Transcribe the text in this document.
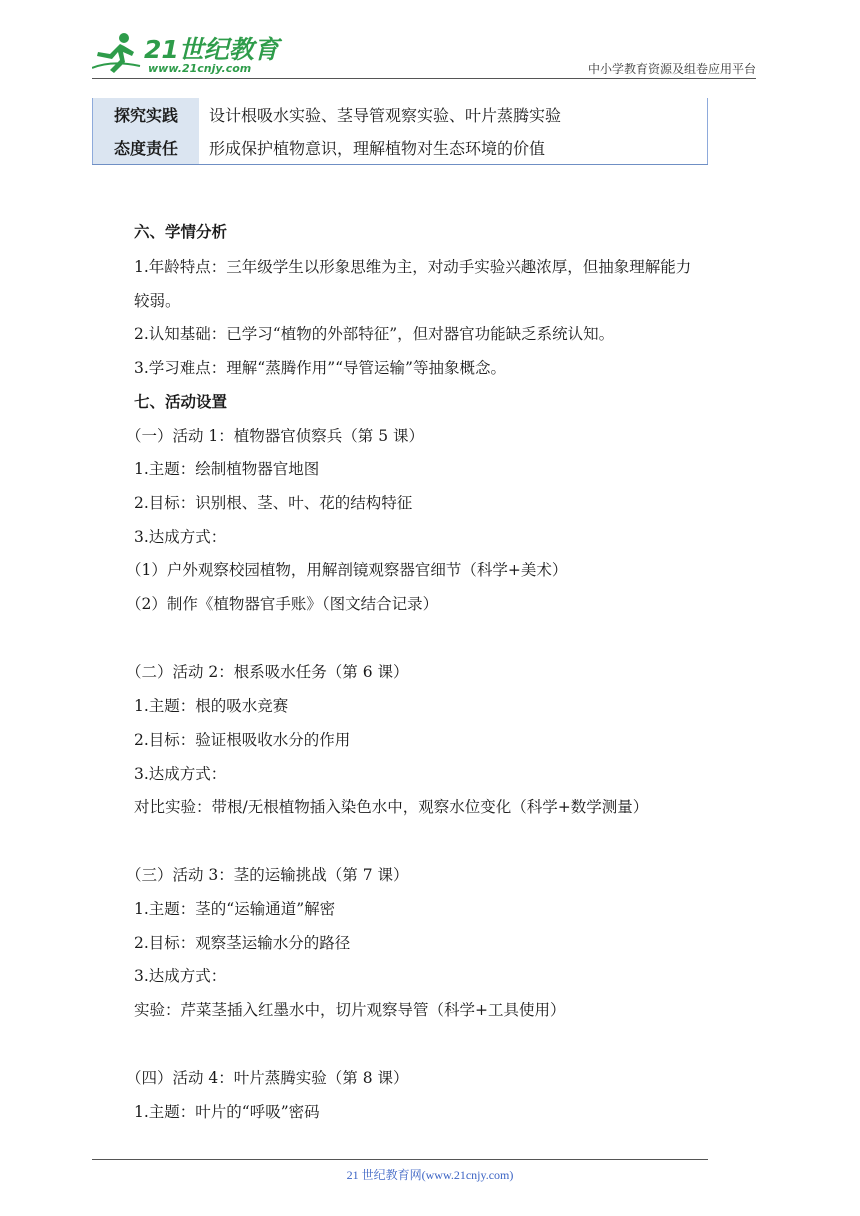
21世纪教育
www.21cnjy.com	中小学教育资源及组卷应用平台
探究实践	设计根吸水实验、茎导管观察实验、叶片蒸腾实验
态度责任	形成保护植物意识，理解植物对生态环境的价值
六、学情分析
1.年龄特点：三年级学生以形象思维为主，对动手实验兴趣浓厚，但抽象理解能力
较弱。
2.认知基础：已学习“植物的外部特征”，但对器官功能缺乏系统认知。
3.学习难点：理解“蒸腾作用”“导管运输”等抽象概念。
七、活动设置
（一）活动 1：植物器官侦察兵（第 5 课）
1.主题：绘制植物器官地图
2.目标：识别根、茎、叶、花的结构特征
3.达成方式：
（1）户外观察校园植物，用解剖镜观察器官细节（科学+美术）
（2）制作《植物器官手账》（图文结合记录）
（二）活动 2：根系吸水任务（第 6 课）
1.主题：根的吸水竞赛
2.目标：验证根吸收水分的作用
3.达成方式：
对比实验：带根/无根植物插入染色水中，观察水位变化（科学+数学测量）
（三）活动 3：茎的运输挑战（第 7 课）
1.主题：茎的“运输通道”解密
2.目标：观察茎运输水分的路径
3.达成方式：
实验：芹菜茎插入红墨水中，切片观察导管（科学+工具使用）
（四）活动 4：叶片蒸腾实验（第 8 课）
1.主题：叶片的“呼吸”密码
21 世纪教育网(www.21cnjy.com)
